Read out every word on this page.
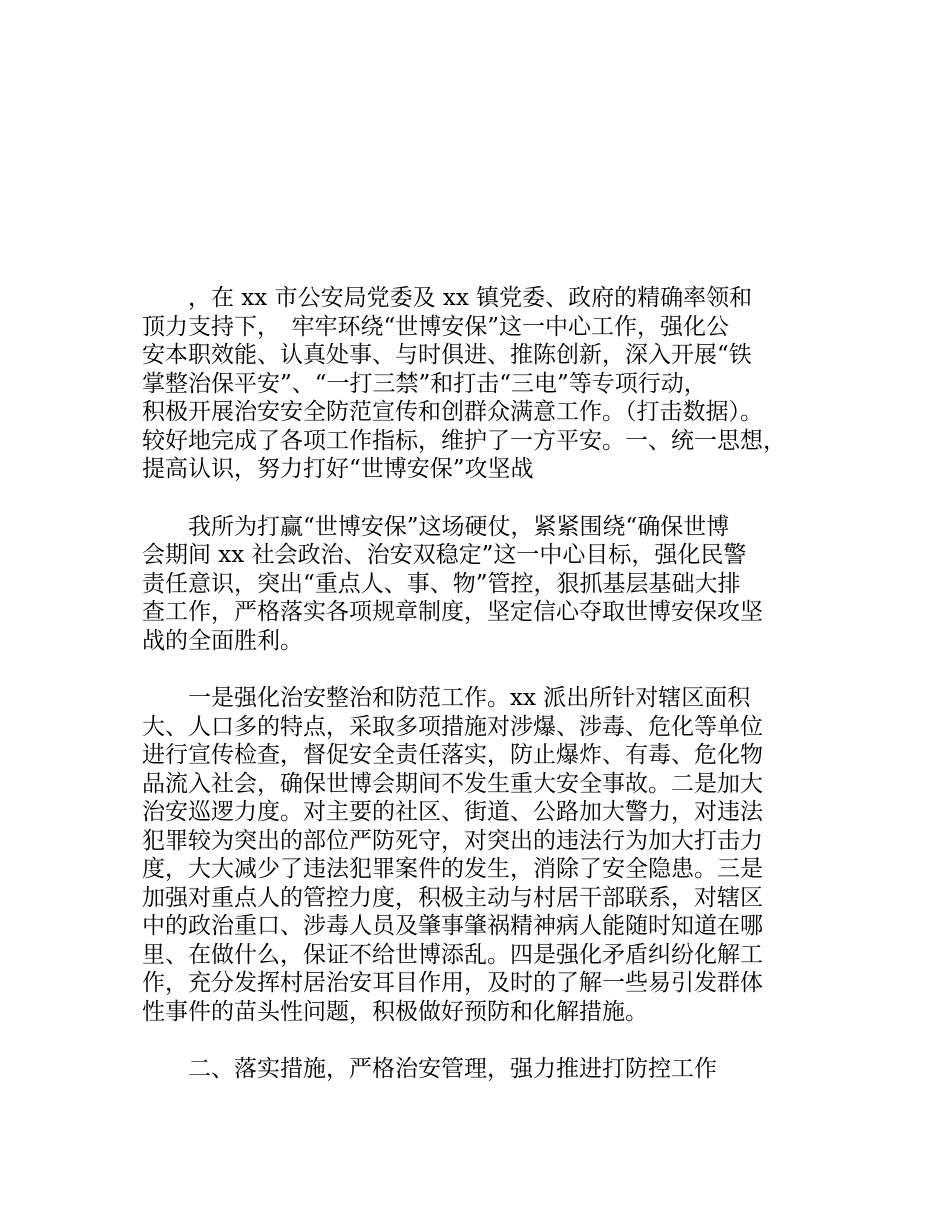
，在 xx 市公安局党委及 xx 镇党委、政府的精确率领和
顶力支持下，　牢牢环绕“世博安保”这一中心工作，强化公
安本职效能、认真处事、与时俱进、推陈创新，深入开展“铁
掌整治保平安”、“一打三禁”和打击“三电”等专项行动，
积极开展治安安全防范宣传和创群众满意工作。（打击数据）。
较好地完成了各项工作指标，维护了一方平安。一、统一思想，
提高认识，努力打好“世博安保”攻坚战
我所为打赢“世博安保”这场硬仗，紧紧围绕“确保世博
会期间 xx 社会政治、治安双稳定”这一中心目标，强化民警
责任意识，突出“重点人、事、物”管控，狠抓基层基础大排
查工作，严格落实各项规章制度，坚定信心夺取世博安保攻坚
战的全面胜利。
一是强化治安整治和防范工作。xx 派出所针对辖区面积
大、人口多的特点，采取多项措施对涉爆、涉毒、危化等单位
进行宣传检查，督促安全责任落实，防止爆炸、有毒、危化物
品流入社会，确保世博会期间不发生重大安全事故。二是加大
治安巡逻力度。对主要的社区、街道、公路加大警力，对违法
犯罪较为突出的部位严防死守，对突出的违法行为加大打击力
度，大大减少了违法犯罪案件的发生，消除了安全隐患。三是
加强对重点人的管控力度，积极主动与村居干部联系，对辖区
中的政治重口、涉毒人员及肇事肇祸精神病人能随时知道在哪
里、在做什么，保证不给世博添乱。四是强化矛盾纠纷化解工
作，充分发挥村居治安耳目作用，及时的了解一些易引发群体
性事件的苗头性问题，积极做好预防和化解措施。
二、落实措施，严格治安管理，强力推进打防控工作
